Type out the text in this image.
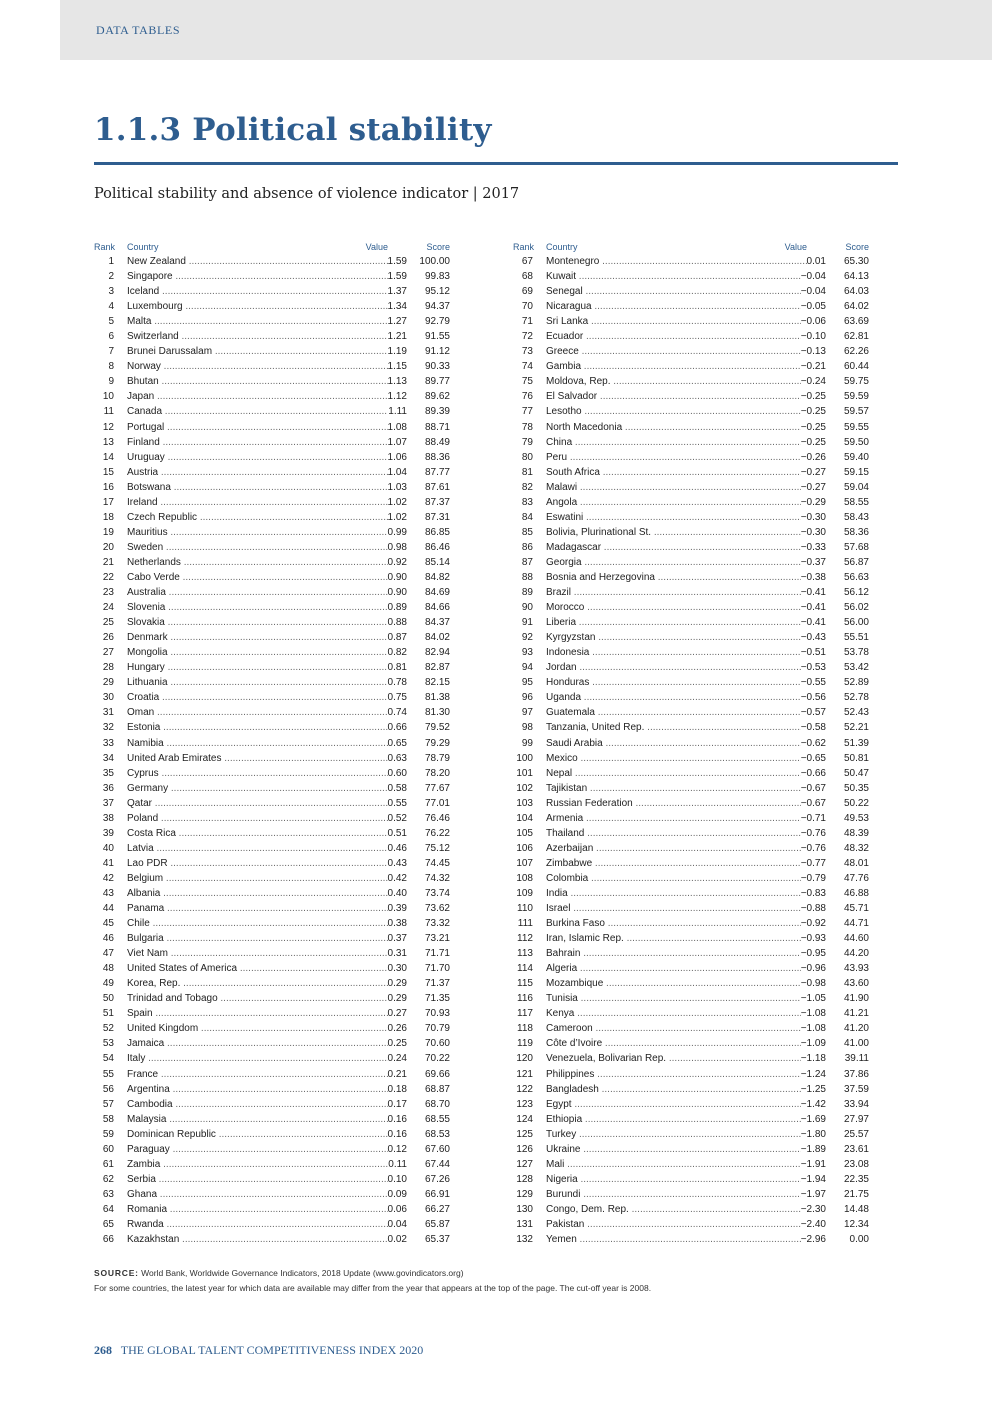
DATA TABLES
1.1.3 Political stability
Political stability and absence of violence indicator | 2017
Rank Country	Value	Score
1 New Zealand .....	1.59	100.00
2 Singapore .....	1.59	99.83
3 Iceland .....	1.37	95.12
4 Luxembourg .....	1.34	94.37
5 Malta .....	1.27	92.79
6 Switzerland .....	1.21	91.55
7 Brunei Darussalam .....	1.19	91.12
8 Norway .....	1.15	90.33
9 Bhutan .....	1.13	89.77
10 Japan .....	1.12	89.62
11 Canada .....	1.11	89.39
12 Portugal .....	1.08	88.71
13 Finland .....	1.07	88.49
14 Uruguay .....	1.06	88.36
15 Austria .....	1.04	87.77
16 Botswana .....	1.03	87.61
17 Ireland .....	1.02	87.37
18 Czech Republic .....	1.02	87.31
19 Mauritius .....	0.99	86.85
20 Sweden .....	0.98	86.46
21 Netherlands .....	0.92	85.14
22 Cabo Verde .....	0.90	84.82
23 Australia .....	0.90	84.69
24 Slovenia .....	0.89	84.66
25 Slovakia .....	0.88	84.37
26 Denmark .....	0.87	84.02
27 Mongolia .....	0.82	82.94
28 Hungary .....	0.81	82.87
29 Lithuania .....	0.78	82.15
30 Croatia .....	0.75	81.38
31 Oman .....	0.74	81.30
32 Estonia .....	0.66	79.52
33 Namibia .....	0.65	79.29
34 United Arab Emirates .....	0.63	78.79
35 Cyprus .....	0.60	78.20
36 Germany .....	0.58	77.67
37 Qatar .....	0.55	77.01
38 Poland .....	0.52	76.46
39 Costa Rica .....	0.51	76.22
40 Latvia .....	0.46	75.12
41 Lao PDR .....	0.43	74.45
42 Belgium .....	0.42	74.32
43 Albania .....	0.40	73.74
44 Panama .....	0.39	73.62
45 Chile .....	0.38	73.32
46 Bulgaria .....	0.37	73.21
47 Viet Nam .....	0.31	71.71
48 United States of America .....	0.30	71.70
49 Korea, Rep. .....	0.29	71.37
50 Trinidad and Tobago .....	0.29	71.35
51 Spain .....	0.27	70.93
52 United Kingdom .....	0.26	70.79
53 Jamaica .....	0.25	70.60
54 Italy .....	0.24	70.22
55 France .....	0.21	69.66
56 Argentina .....	0.18	68.87
57 Cambodia .....	0.17	68.70
58 Malaysia .....	0.16	68.55
59 Dominican Republic .....	0.16	68.53
60 Paraguay .....	0.12	67.60
61 Zambia .....	0.11	67.44
62 Serbia .....	0.10	67.26
63 Ghana .....	0.09	66.91
64 Romania .....	0.06	66.27
65 Rwanda .....	0.04	65.87
66 Kazakhstan .....	0.02	65.37
Rank Country	Value	Score
67 Montenegro .....	0.01	65.30
68 Kuwait .....	−0.04	64.13
69 Senegal .....	−0.04	64.03
70 Nicaragua .....	−0.05	64.02
71 Sri Lanka .....	−0.06	63.69
72 Ecuador .....	−0.10	62.81
73 Greece .....	−0.13	62.26
74 Gambia .....	−0.21	60.44
75 Moldova, Rep. .....	−0.24	59.75
76 El Salvador .....	−0.25	59.59
77 Lesotho .....	−0.25	59.57
78 North Macedonia .....	−0.25	59.55
79 China .....	−0.25	59.50
80 Peru .....	−0.26	59.40
81 South Africa .....	−0.27	59.15
82 Malawi .....	−0.27	59.04
83 Angola .....	−0.29	58.55
84 Eswatini .....	−0.30	58.43
85 Bolivia, Plurinational St. .....	−0.30	58.36
86 Madagascar .....	−0.33	57.68
87 Georgia .....	−0.37	56.87
88 Bosnia and Herzegovina .....	−0.38	56.63
89 Brazil .....	−0.41	56.12
90 Morocco .....	−0.41	56.02
91 Liberia .....	−0.41	56.00
92 Kyrgyzstan .....	−0.43	55.51
93 Indonesia .....	−0.51	53.78
94 Jordan .....	−0.53	53.42
95 Honduras .....	−0.55	52.89
96 Uganda .....	−0.56	52.78
97 Guatemala .....	−0.57	52.43
98 Tanzania, United Rep. .....	−0.58	52.21
99 Saudi Arabia .....	−0.62	51.39
100 Mexico .....	−0.65	50.81
101 Nepal .....	−0.66	50.47
102 Tajikistan .....	−0.67	50.35
103 Russian Federation .....	−0.67	50.22
104 Armenia .....	−0.71	49.53
105 Thailand .....	−0.76	48.39
106 Azerbaijan .....	−0.76	48.32
107 Zimbabwe .....	−0.77	48.01
108 Colombia .....	−0.79	47.76
109 India .....	−0.83	46.88
110 Israel .....	−0.88	45.71
111 Burkina Faso .....	−0.92	44.71
112 Iran, Islamic Rep. .....	−0.93	44.60
113 Bahrain .....	−0.95	44.20
114 Algeria .....	−0.96	43.93
115 Mozambique .....	−0.98	43.60
116 Tunisia .....	−1.05	41.90
117 Kenya .....	−1.08	41.21
118 Cameroon .....	−1.08	41.20
119 Côte d’Ivoire .....	−1.09	41.00
120 Venezuela, Bolivarian Rep. .....	−1.18	39.11
121 Philippines .....	−1.24	37.86
122 Bangladesh .....	−1.25	37.59
123 Egypt .....	−1.42	33.94
124 Ethiopia .....	−1.69	27.97
125 Turkey .....	−1.80	25.57
126 Ukraine .....	−1.89	23.61
127 Mali .....	−1.91	23.08
128 Nigeria .....	−1.94	22.35
129 Burundi .....	−1.97	21.75
130 Congo, Dem. Rep. .....	−2.30	14.48
131 Pakistan .....	−2.40	12.34
132 Yemen .....	−2.96	0.00
SOURCE: World Bank, Worldwide Governance Indicators, 2018 Update (www.govindicators.org)
For some countries, the latest year for which data are available may differ from the year that appears at the top of the page. The cut-off year is 2008.
268 THE GLOBAL TALENT COMPETITIVENESS INDEX 2020
